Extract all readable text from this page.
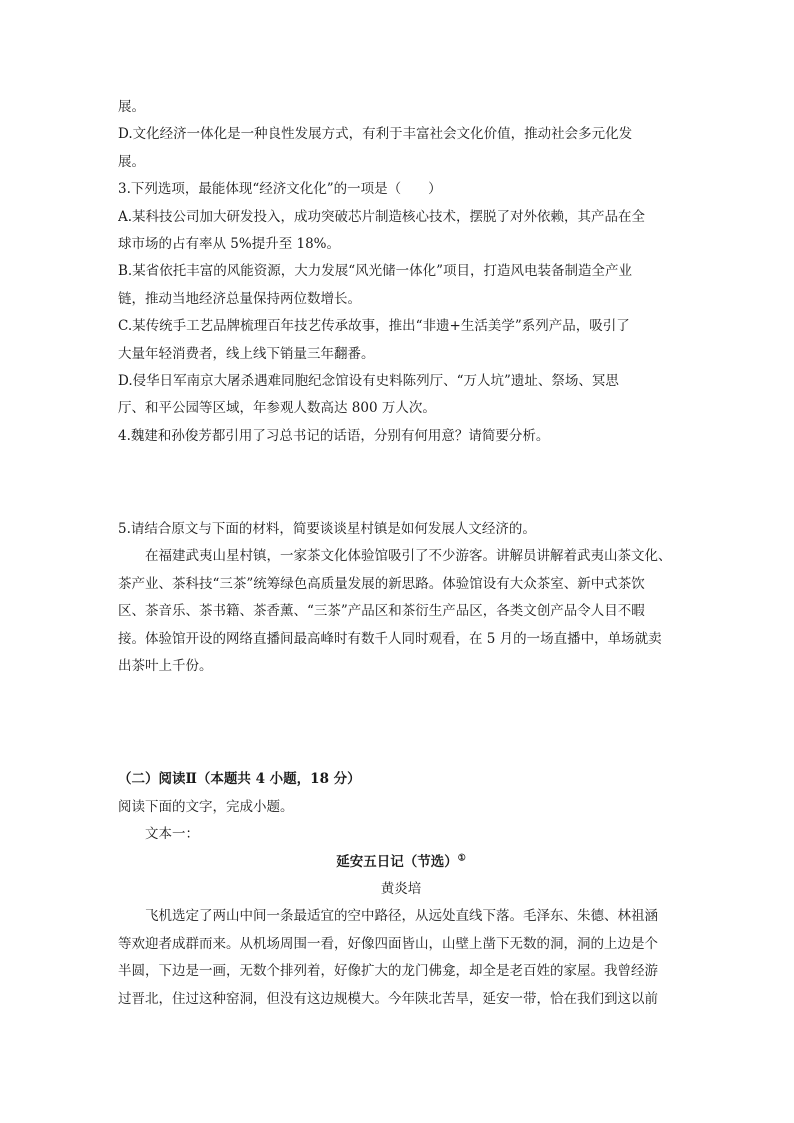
展。
D.文化经济一体化是一种良性发展方式，有利于丰富社会文化价值，推动社会多元化发
展。
3.下列选项，最能体现“经济文化化”的一项是（　　）
A.某科技公司加大研发投入，成功突破芯片制造核心技术，摆脱了对外依赖，其产品在全
球市场的占有率从 5%提升至 18%。
B.某省依托丰富的风能资源，大力发展“风光储一体化”项目，打造风电装备制造全产业
链，推动当地经济总量保持两位数增长。
C.某传统手工艺品牌梳理百年技艺传承故事，推出“非遗+生活美学”系列产品，吸引了
大量年轻消费者，线上线下销量三年翻番。
D.侵华日军南京大屠杀遇难同胞纪念馆设有史料陈列厅、“万人坑”遗址、祭场、冥思
厅、和平公园等区域，年参观人数高达 800 万人次。
4.魏建和孙俊芳都引用了习总书记的话语，分别有何用意？请简要分析。
5.请结合原文与下面的材料，简要谈谈星村镇是如何发展人文经济的。
在福建武夷山星村镇，一家茶文化体验馆吸引了不少游客。讲解员讲解着武夷山茶文化、
茶产业、茶科技“三茶”统筹绿色高质量发展的新思路。体验馆设有大众茶室、新中式茶饮
区、茶音乐、茶书籍、茶香薰、“三茶”产品区和茶衍生产品区，各类文创产品令人目不暇
接。体验馆开设的网络直播间最高峰时有数千人同时观看，在 5 月的一场直播中，单场就卖
出茶叶上千份。
（二）阅读Ⅱ（本题共 4 小题，18 分）
阅读下面的文字，完成小题。
文本一：
延安五日记（节选）①
黄炎培
飞机选定了两山中间一条最适宜的空中路径，从远处直线下落。毛泽东、朱德、林祖涵
等欢迎者成群而来。从机场周围一看，好像四面皆山，山壁上凿下无数的洞，洞的上边是个
半圆，下边是一画，无数个排列着，好像扩大的龙门佛龛，却全是老百姓的家屋。我曾经游
过晋北，住过这种窑洞，但没有这边规模大。今年陕北苦旱，延安一带，恰在我们到这以前
